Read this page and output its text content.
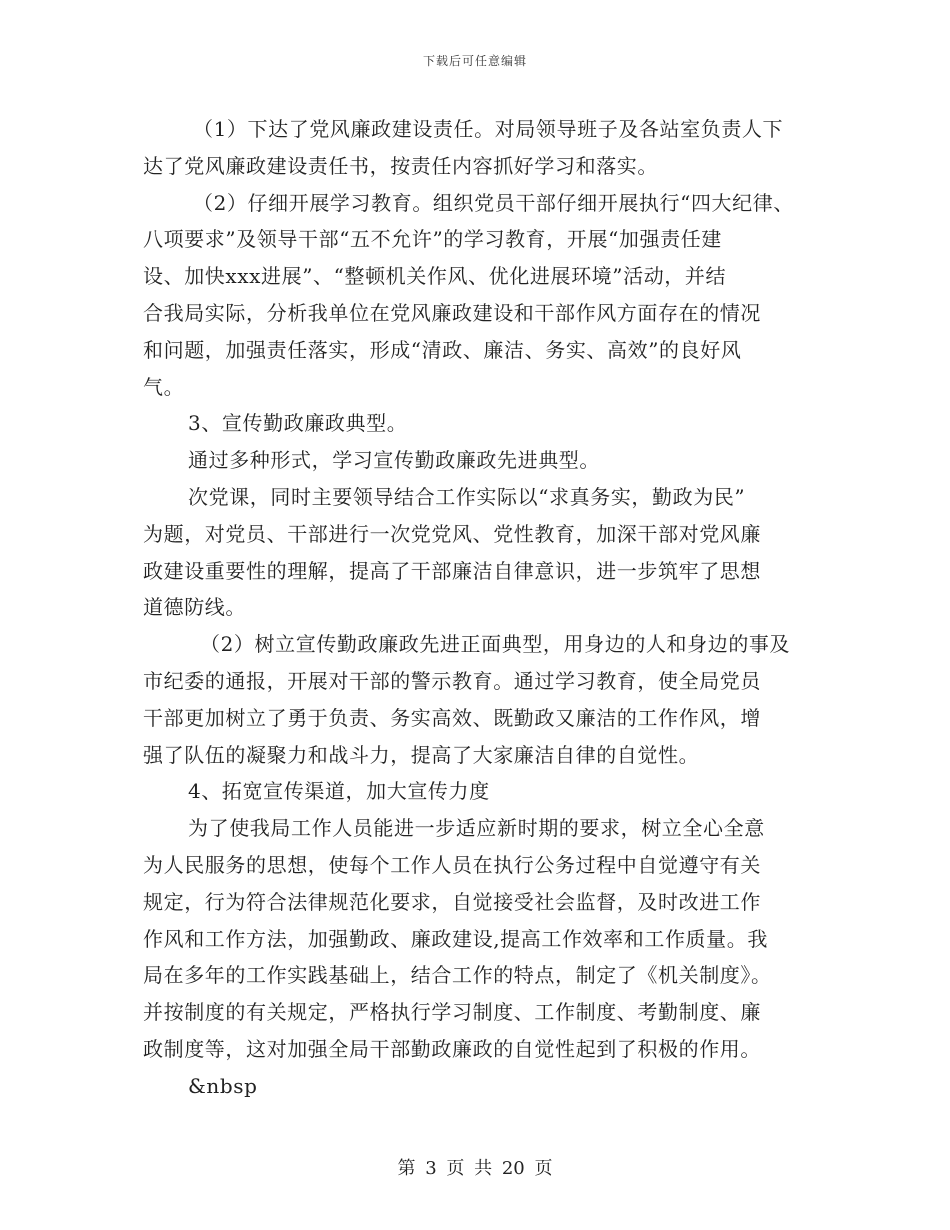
下载后可任意编辑
（1）下达了党风廉政建设责任。对局领导班子及各站室负责人下
达了党风廉政建设责任书，按责任内容抓好学习和落实。
（2）仔细开展学习教育。组织党员干部仔细开展执行“四大纪律、
八项要求”及领导干部“五不允许”的学习教育，开展“加强责任建
设、加快xxx进展”、“整顿机关作风、优化进展环境”活动，并结
合我局实际，分析我单位在党风廉政建设和干部作风方面存在的情况
和问题，加强责任落实，形成“清政、廉洁、务实、高效”的良好风
气。
3、宣传勤政廉政典型。
通过多种形式，学习宣传勤政廉政先进典型。
次党课，同时主要领导结合工作实际以“求真务实，勤政为民”
为题，对党员、干部进行一次党党风、党性教育，加深干部对党风廉
政建设重要性的理解，提高了干部廉洁自律意识，进一步筑牢了思想
道德防线。
（2）树立宣传勤政廉政先进正面典型，用身边的人和身边的事及
市纪委的通报，开展对干部的警示教育。通过学习教育，使全局党员
干部更加树立了勇于负责、务实高效、既勤政又廉洁的工作作风，增
强了队伍的凝聚力和战斗力，提高了大家廉洁自律的自觉性。
4、拓宽宣传渠道，加大宣传力度
为了使我局工作人员能进一步适应新时期的要求，树立全心全意
为人民服务的思想，使每个工作人员在执行公务过程中自觉遵守有关
规定，行为符合法律规范化要求，自觉接受社会监督，及时改进工作
作风和工作方法，加强勤政、廉政建设,提高工作效率和工作质量。我
局在多年的工作实践基础上，结合工作的特点，制定了《机关制度》。
并按制度的有关规定，严格执行学习制度、工作制度、考勤制度、廉
政制度等，这对加强全局干部勤政廉政的自觉性起到了积极的作用。
&nbsp
第 3 页 共 20 页
